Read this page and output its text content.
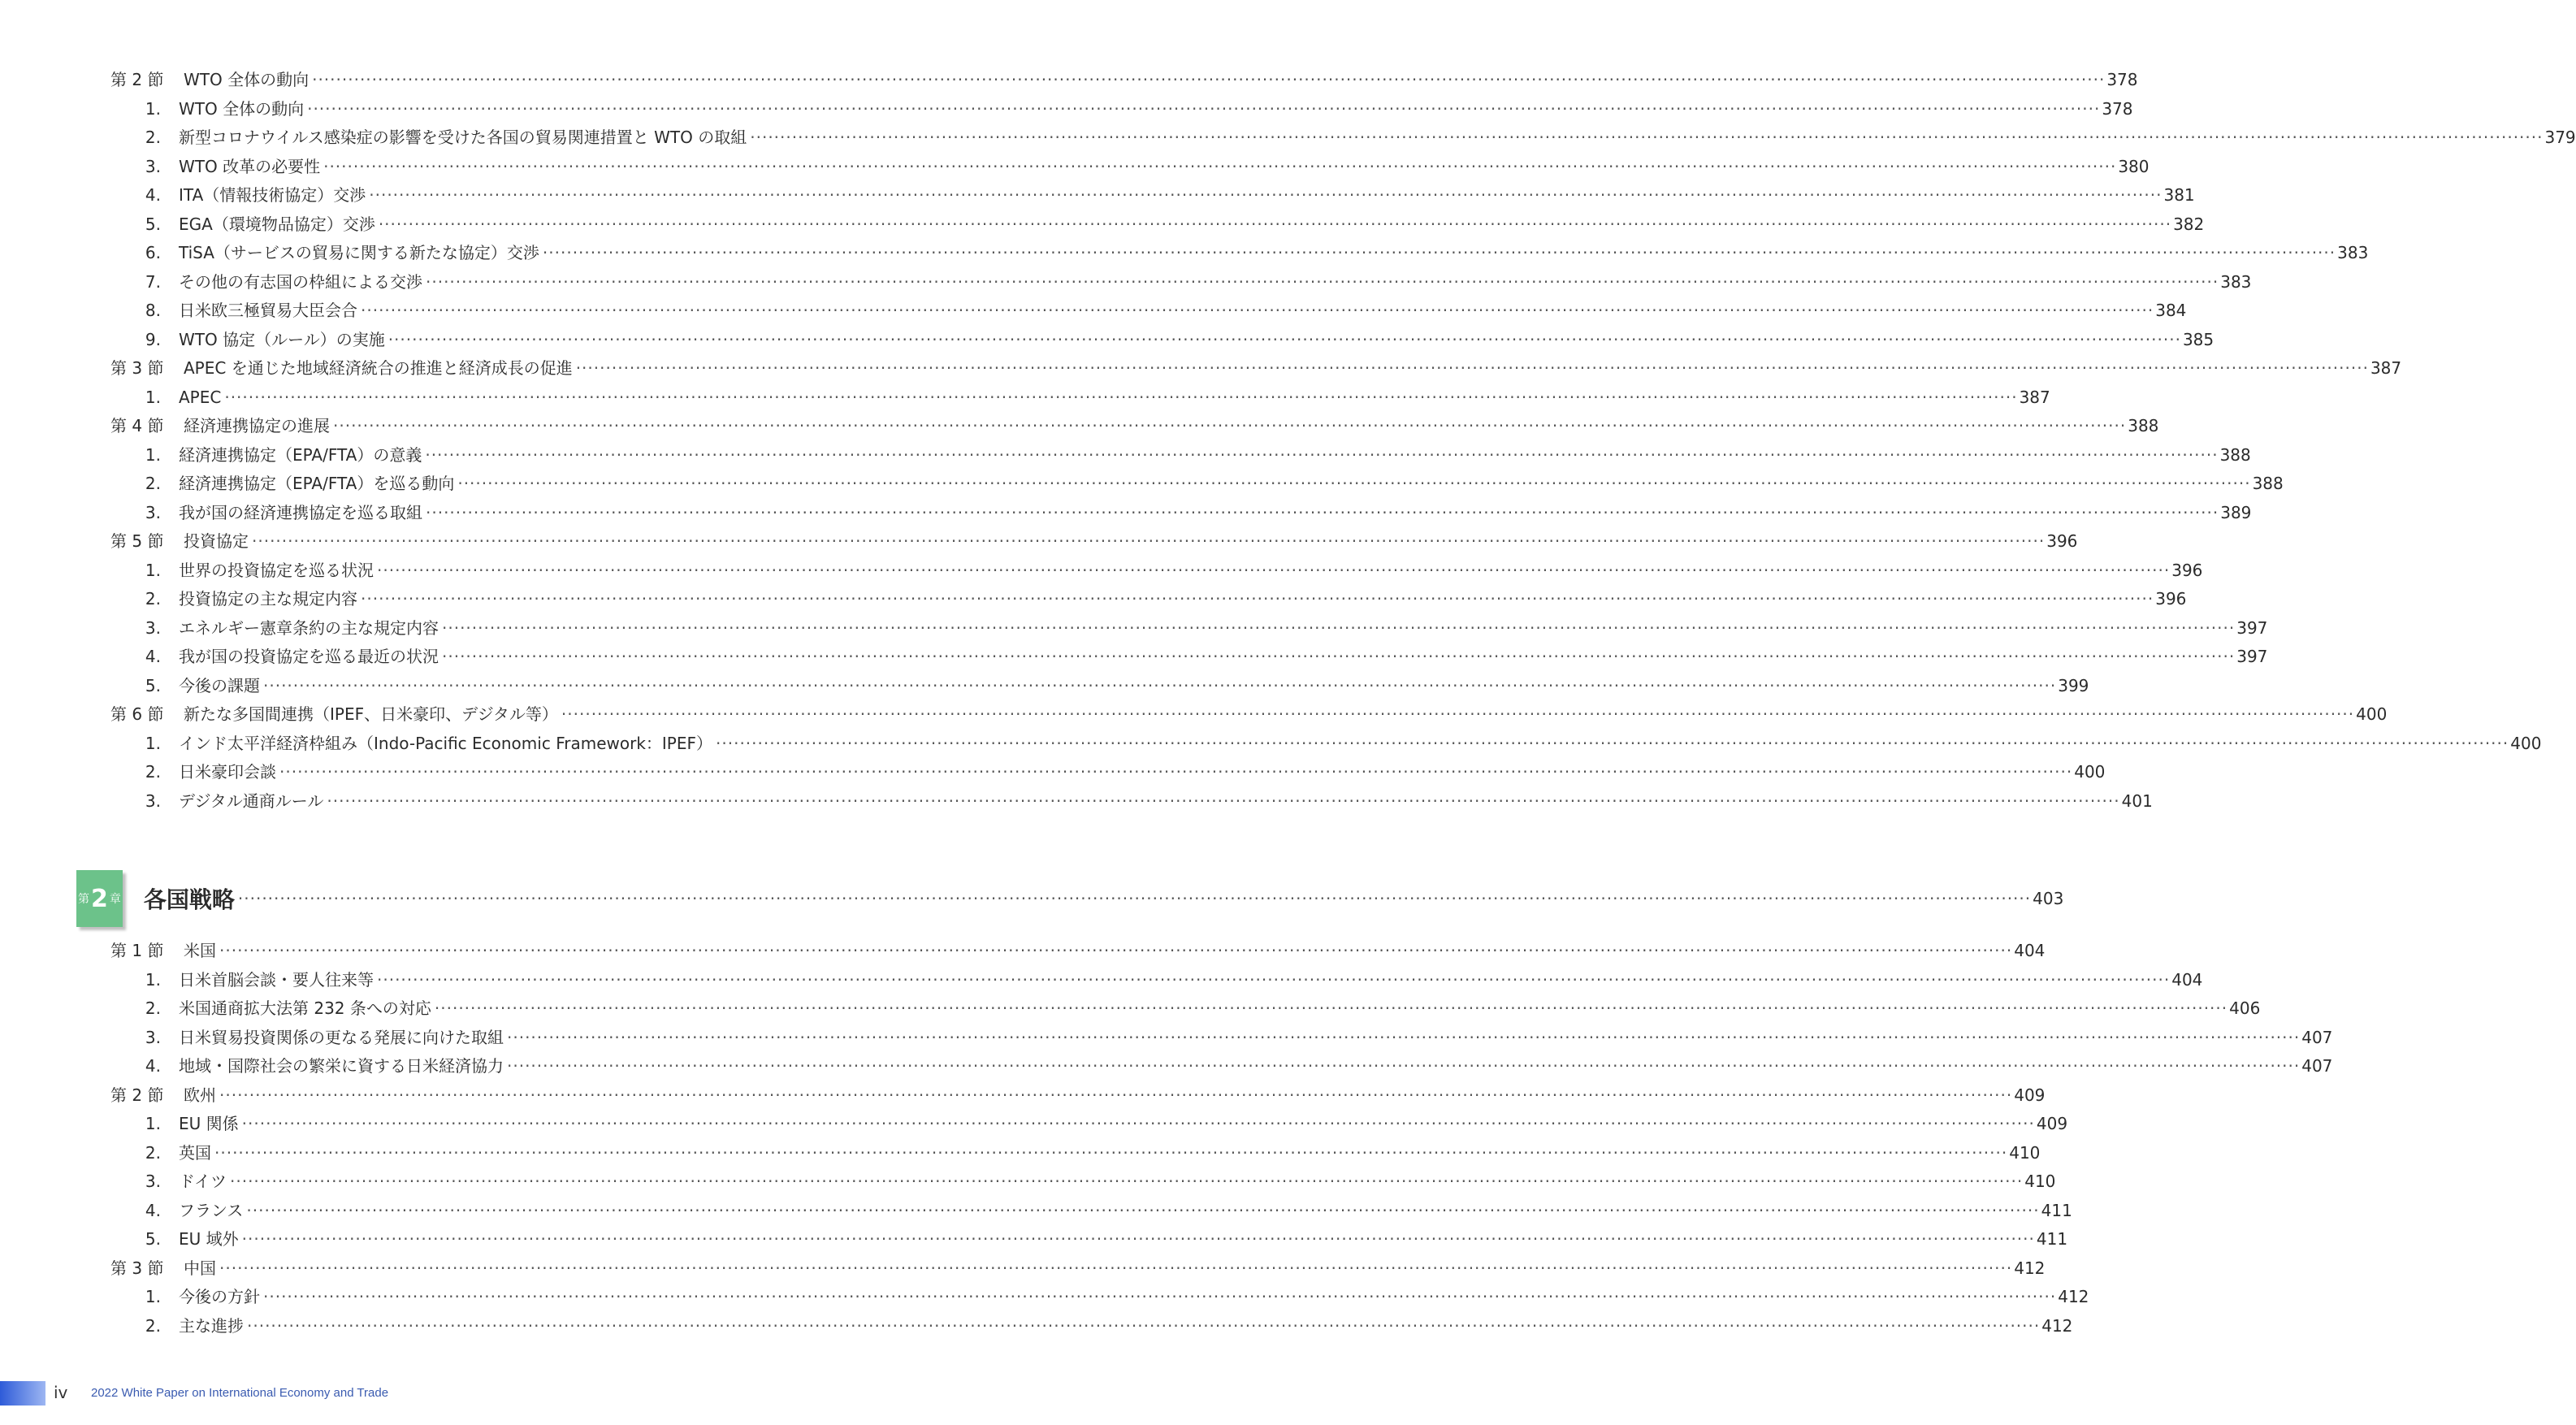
第 2 節 WTO 全体の動向 ············································································································································································································································································································ 378
1. WTO 全体の動向 ············································································································································································································································································································ 378
2. 新型コロナウイルス感染症の影響を受けた各国の貿易関連措置と WTO の取組 ············································································································································································································································································································ 379
3. WTO 改革の必要性 ············································································································································································································································································································ 380
4. ITA（情報技術協定）交渉 ············································································································································································································································································································ 381
5. EGA（環境物品協定）交渉 ············································································································································································································································································································ 382
6. TiSA（サービスの貿易に関する新たな協定）交渉 ············································································································································································································································································································ 383
7. その他の有志国の枠組による交渉 ············································································································································································································································································································ 383
8. 日米欧三極貿易大臣会合 ············································································································································································································································································································ 384
9. WTO 協定（ルール）の実施 ············································································································································································································································································································ 385
第 3 節 APEC を通じた地域経済統合の推進と経済成長の促進 ············································································································································································································································································································ 387
1. APEC ············································································································································································································································································································ 387
第 4 節 経済連携協定の進展 ············································································································································································································································································································ 388
1. 経済連携協定（EPA/FTA）の意義 ············································································································································································································································································································ 388
2. 経済連携協定（EPA/FTA）を巡る動向 ············································································································································································································································································································ 388
3. 我が国の経済連携協定を巡る取組 ············································································································································································································································································································ 389
第 5 節 投資協定 ············································································································································································································································································································ 396
1. 世界の投資協定を巡る状況 ············································································································································································································································································································ 396
2. 投資協定の主な規定内容 ············································································································································································································································································································ 396
3. エネルギー憲章条約の主な規定内容 ············································································································································································································································································································ 397
4. 我が国の投資協定を巡る最近の状況 ············································································································································································································································································································ 397
5. 今後の課題 ············································································································································································································································································································ 399
第 6 節 新たな多国間連携（IPEF、日米豪印、デジタル等） ············································································································································································································································································································ 400
1. インド太平洋経済枠組み（Indo-Pacific Economic Framework：IPEF） ············································································································································································································································································································ 400
2. 日米豪印会談 ············································································································································································································································································································ 400
3. デジタル通商ルール ············································································································································································································································································································ 401
第 2 章 各国戦略 ············································································································································································································································································································ 403
第 1 節 米国 ············································································································································································································································································································ 404
1. 日米首脳会談・要人往来等 ············································································································································································································································································································ 404
2. 米国通商拡大法第 232 条への対応 ············································································································································································································································································································ 406
3. 日米貿易投資関係の更なる発展に向けた取組 ············································································································································································································································································································ 407
4. 地域・国際社会の繁栄に資する日米経済協力 ············································································································································································································································································································ 407
第 2 節 欧州 ············································································································································································································································································································ 409
1. EU 関係 ············································································································································································································································································································ 409
2. 英国 ············································································································································································································································································································ 410
3. ドイツ ············································································································································································································································································································ 410
4. フランス ············································································································································································································································································································ 411
5. EU 域外 ············································································································································································································································································································ 411
第 3 節 中国 ············································································································································································································································································································ 412
1. 今後の方針 ············································································································································································································································································································ 412
2. 主な進捗 ············································································································································································································································································································ 412
iv 2022 White Paper on International Economy and Trade
